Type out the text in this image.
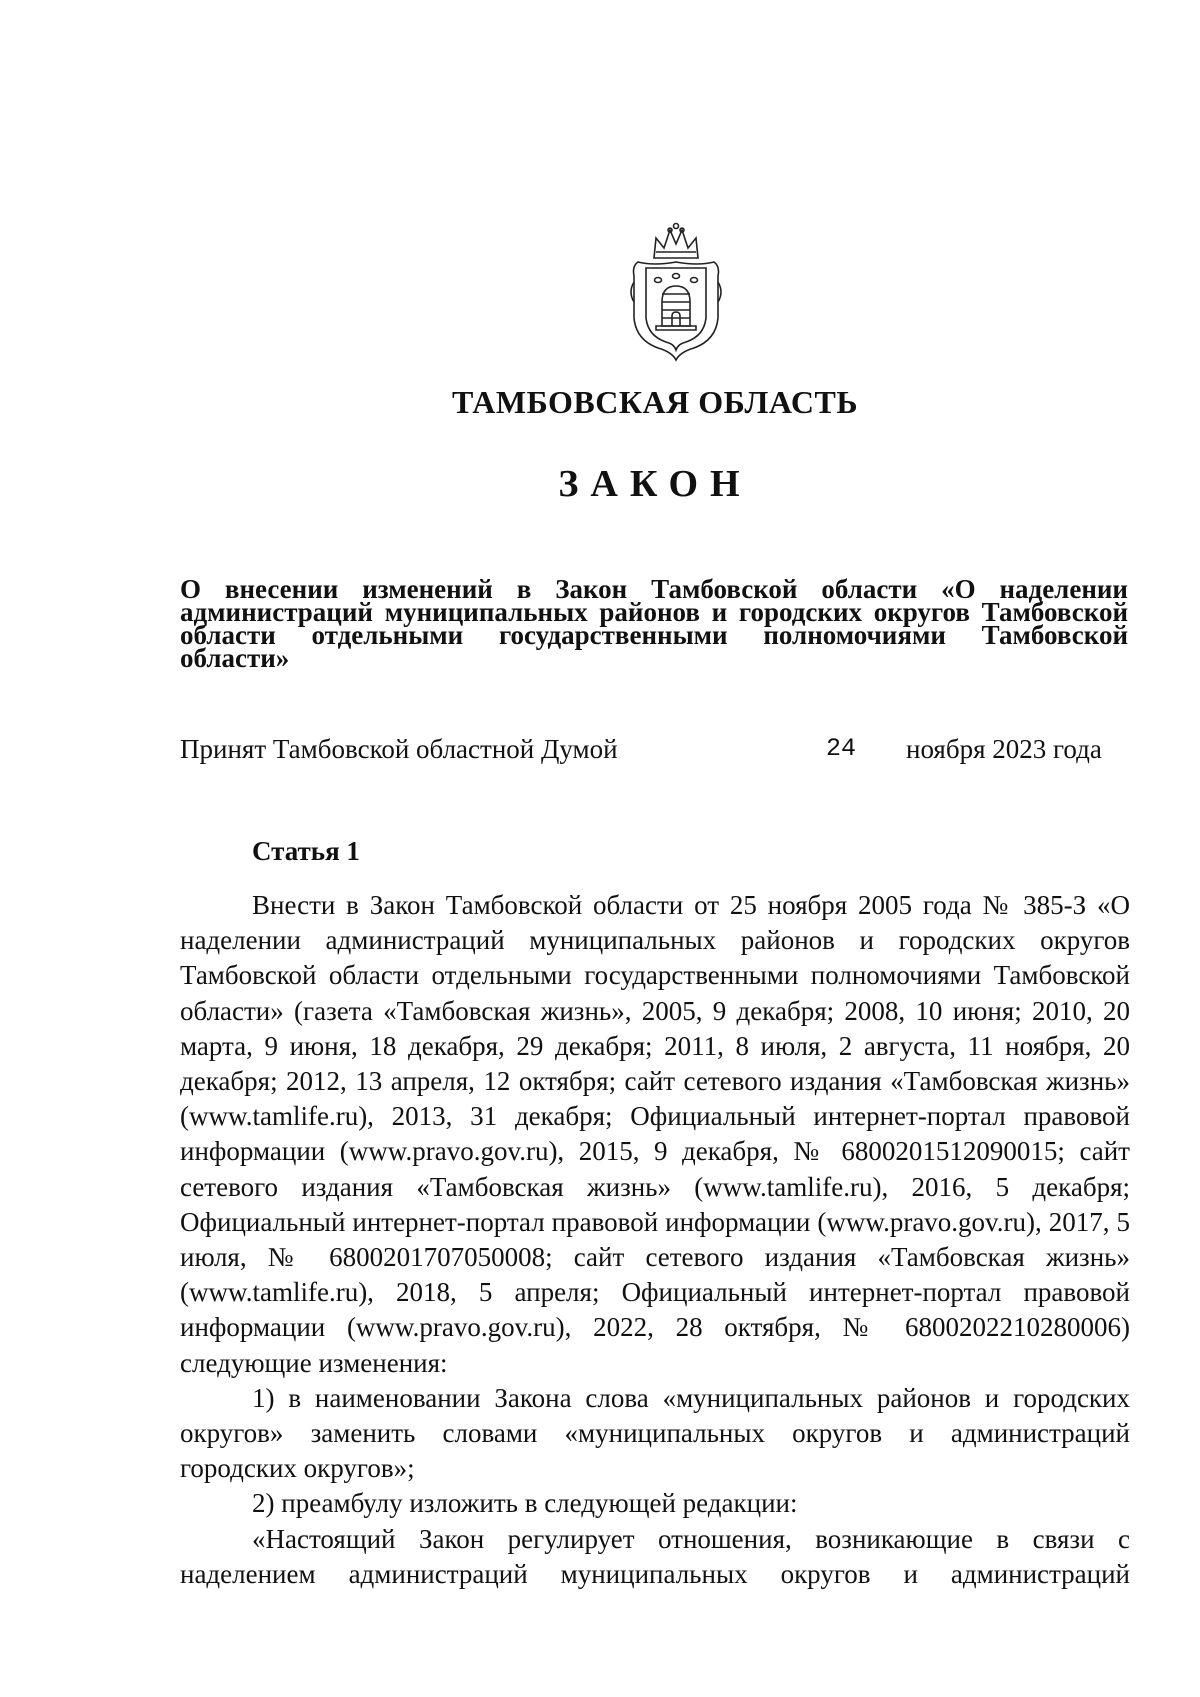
ТАМБОВСКАЯ ОБЛАСТЬ
ЗАКОН

О внесении изменений в Закон Тамбовской области «О наделении администраций муниципальных районов и городских округов Тамбовской области отдельными государственными полномочиями Тамбовской области»

Принят Тамбовской областной Думой	24 ноября 2023 года
Статья 1

Внести в Закон Тамбовской области от 25 ноября 2005 года № 385-З «О наделении администраций муниципальных районов и городских округов Тамбовской области отдельными государственными полномочиями Тамбовской области» (газета «Тамбовская жизнь», 2005, 9 декабря; 2008, 10 июня; 2010, 20 марта, 9 июня, 18 декабря, 29 декабря; 2011, 8 июля, 2 августа, 11 ноября, 20 декабря; 2012, 13 апреля, 12 октября; сайт сетевого издания «Тамбовская жизнь» (www.tamlife.ru), 2013, 31 декабря; Официальный интернет-портал правовой информации (www.pravo.gov.ru), 2015, 9 декабря, № 6800201512090015; сайт сетевого издания «Тамбовская жизнь» (www.tamlife.ru), 2016, 5 декабря; Официальный интернет-портал правовой информации (www.pravo.gov.ru), 2017, 5 июля, № 6800201707050008; сайт сетевого издания «Тамбовская жизнь» (www.tamlife.ru), 2018, 5 апреля; Официальный интернет-портал правовой информации (www.pravo.gov.ru), 2022, 28 октября, № 6800202210280006) следующие изменения:

1) в наименовании Закона слова «муниципальных районов и городских округов» заменить словами «муниципальных округов и администраций городских округов»;

2) преамбулу изложить в следующей редакции:

«Настоящий Закон регулирует отношения, возникающие в связи с наделением администраций муниципальных округов и администраций
